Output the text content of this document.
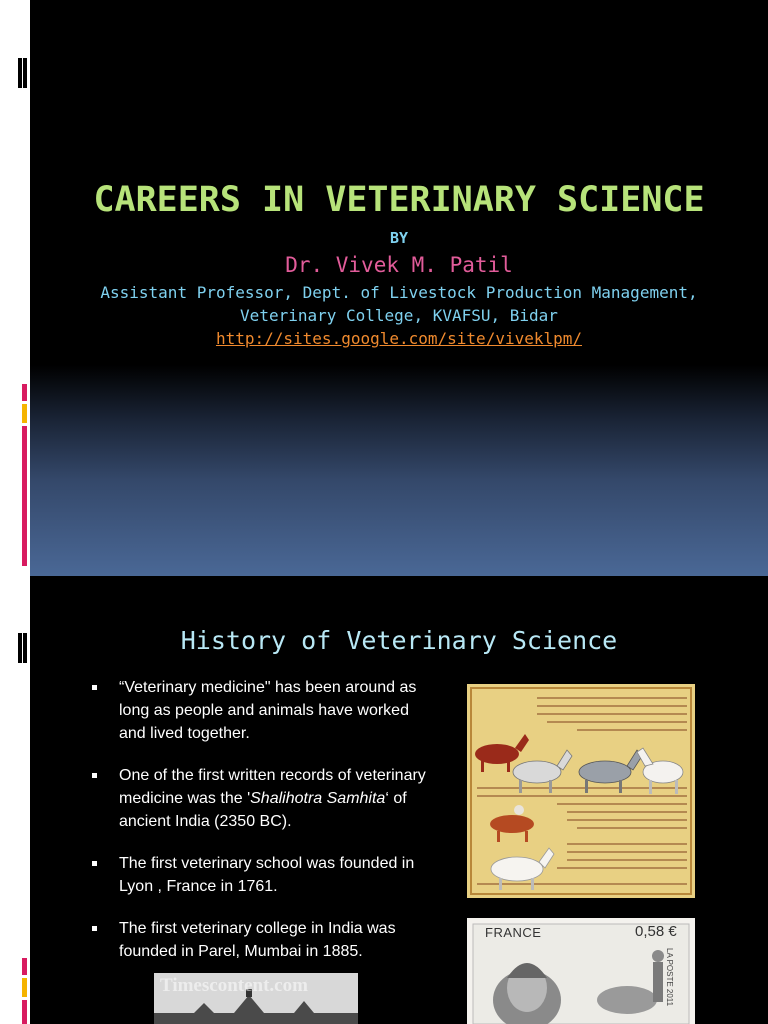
CAREERS IN VETERINARY SCIENCE
BY
Dr. Vivek M. Patil
Assistant Professor, Dept. of Livestock Production Management,
Veterinary College, KVAFSU, Bidar
http://sites.google.com/site/viveklpm/
History of Veterinary Science
“Veterinary medicine" has been around as long as people and animals have worked and lived together.
One of the first written records of veterinary medicine was the 'Shalihotra Samhita‘ of ancient India (2350 BC).
The first veterinary school was founded in Lyon , France in 1761.
The first veterinary college in India was founded in Parel, Mumbai in 1885.
FRANCE	0,58 €
LA POSTE 2011
Timescontent.com
